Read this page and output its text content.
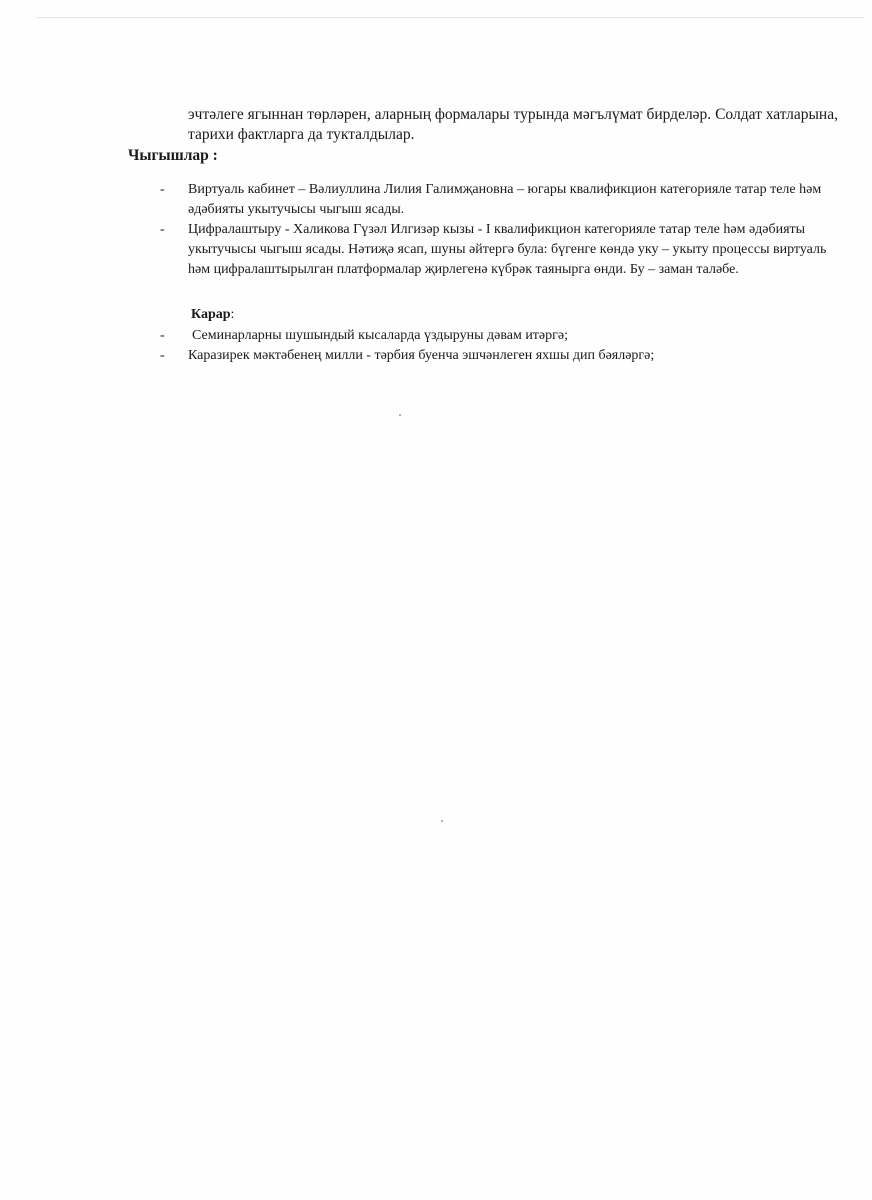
эчтәлеге ягыннан төрләрен, аларның формалары турында мәгълүмат бирделәр. Солдат хатларына, тарихи фактларга да тукталдылар.

Чыгышлар :
-	Виртуаль кабинет – Вәлиуллина Лилия Галимҗановна – югары квалификцион категорияле татар теле һәм әдәбияты укытучысы чыгыш ясады.
-	Цифралаштыру - Халикова Гүзәл Илгизәр кызы - I квалификцион категорияле татар теле һәм әдәбияты укытучысы чыгыш ясады. Нәтиҗә ясап, шуны әйтергә була: бүгенге көндә уку – укыту процессы виртуаль һәм цифралаштырылган платформалар җирлегенә күбрәк таянырга өнди. Бу – заман таләбе.
Карар:
-	Семинарларны шушындый кысаларда үздыруны дәвам итәргә;
-	Каразирек мәктәбенең милли - тәрбия буенча эшчәнлеген яхшы дип бәяләргә;
